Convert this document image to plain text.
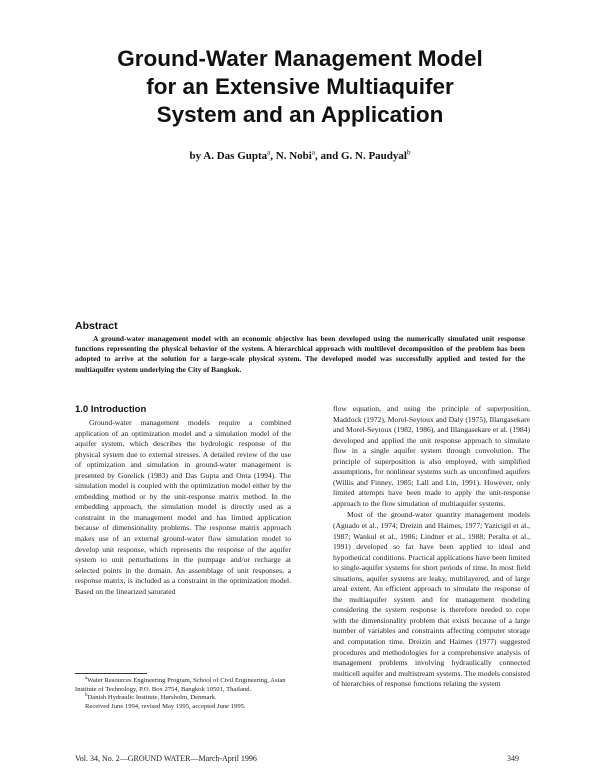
Ground-Water Management Model
for an Extensive Multiaquifer
System and an Application
by A. Das Gupta$^a$, N. Nobi$^a$, and G. N. Paudyal$^b$
Abstract

A ground-water management model with an economic objective has been developed using the numerically simulated unit response functions representing the physical behavior of the system. A hierarchical approach with multilevel decomposition of the problem has been adopted to arrive at the solution for a large-scale physical system. The developed model was successfully applied and tested for the multiaquifer system underlying the City of Bangkok.

1.0 Introduction

Ground-water management models require a combined application of an optimization model and a simulation model of the aquifer system, which describes the hydrologic response of the physical system due to external stresses. A detailed review of the use of optimization and simulation in ground-water management is presented by Gorelick (1983) and Das Gupta and Onta (1994). The simulation model is coupled with the optimization model either by the embedding method or by the unit-response matrix method. In the embedding approach, the simulation model is directly used as a constraint in the management model and has limited application because of dimensionality problems. The response matrix approach makes use of an external ground-water flow simulation model to develop unit response, which represents the response of the aquifer system to unit perturbations in the pumpage and/or recharge at selected points in the domain. An assemblage of unit responses, a response matrix, is included as a constraint in the optimization model. Based on the linearized saturated

flow equation, and using the principle of superposition, Maddock (1972), Morel-Seytoux and Daly (1975), Illangasekare and Morel-Seytoux (1982, 1986), and Illangasekare et al. (1984) developed and applied the unit response approach to simulate flow in a single aquifer system through convolution. The principle of superposition is also employed, with simplified assumptions, for nonlinear systems such as unconfined aquifers (Willis and Finney, 1985; Lall and Lin, 1991). However, only limited attempts have been made to apply the unit-response approach to the flow simulation of multiaquifer systems.

Most of the ground-water quantity management models (Aguado et al., 1974; Dreizin and Haimes, 1977; Yazicigil et al., 1987; Wankul et al., 1986; Lindner et al., 1988; Peralta et al., 1991) developed so far have been applied to ideal and hypothetical conditions. Practical applications have been limited to single-aquifer systems for short periods of time. In most field situations, aquifer systems are leaky, multilayered, and of large areal extent. An efficient approach to simulate the response of the multiaquifer system and for management modeling considering the system response is therefore needed to cope with the dimensionality problem that exists because of a large number of variables and constraints affecting computer storage and computation time. Dreizin and Haimes (1977) suggested procedures and methodologies for a comprehensive analysis of management problems involving hydraulically connected multicell aquifer and multistream systems. The models consisted of hierarchies of response functions relating the system

$^a$Water Resources Engineering Program, School of Civil Engineering, Asian Institute of Technology, P.O. Box 2754, Bangkok 10501, Thailand.

$^b$Danish Hydraulic Institute, Hørsholm, Denmark.

Received June 1994, revised May 1995, accepted June 1995.

Vol. 34, No. 2—GROUND WATER—March-April 1996	349
